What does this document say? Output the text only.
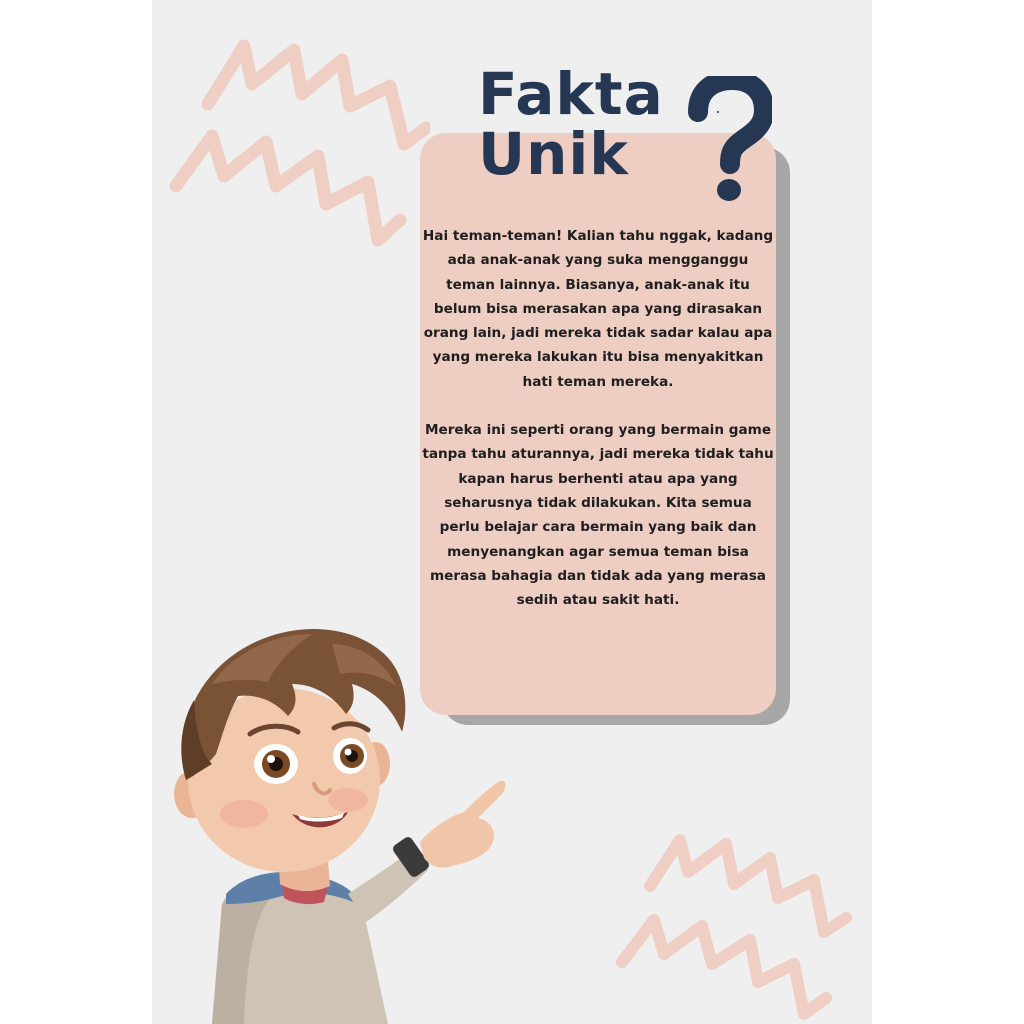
Fakta
Unik

Hai teman-teman! Kalian tahu nggak, kadang ada anak-anak yang suka mengganggu teman lainnya. Biasanya, anak-anak itu belum bisa merasakan apa yang dirasakan orang lain, jadi mereka tidak sadar kalau apa yang mereka lakukan itu bisa menyakitkan hati teman mereka.

Mereka ini seperti orang yang bermain game tanpa tahu aturannya, jadi mereka tidak tahu kapan harus berhenti atau apa yang seharusnya tidak dilakukan. Kita semua perlu belajar cara bermain yang baik dan menyenangkan agar semua teman bisa merasa bahagia dan tidak ada yang merasa sedih atau sakit hati.
